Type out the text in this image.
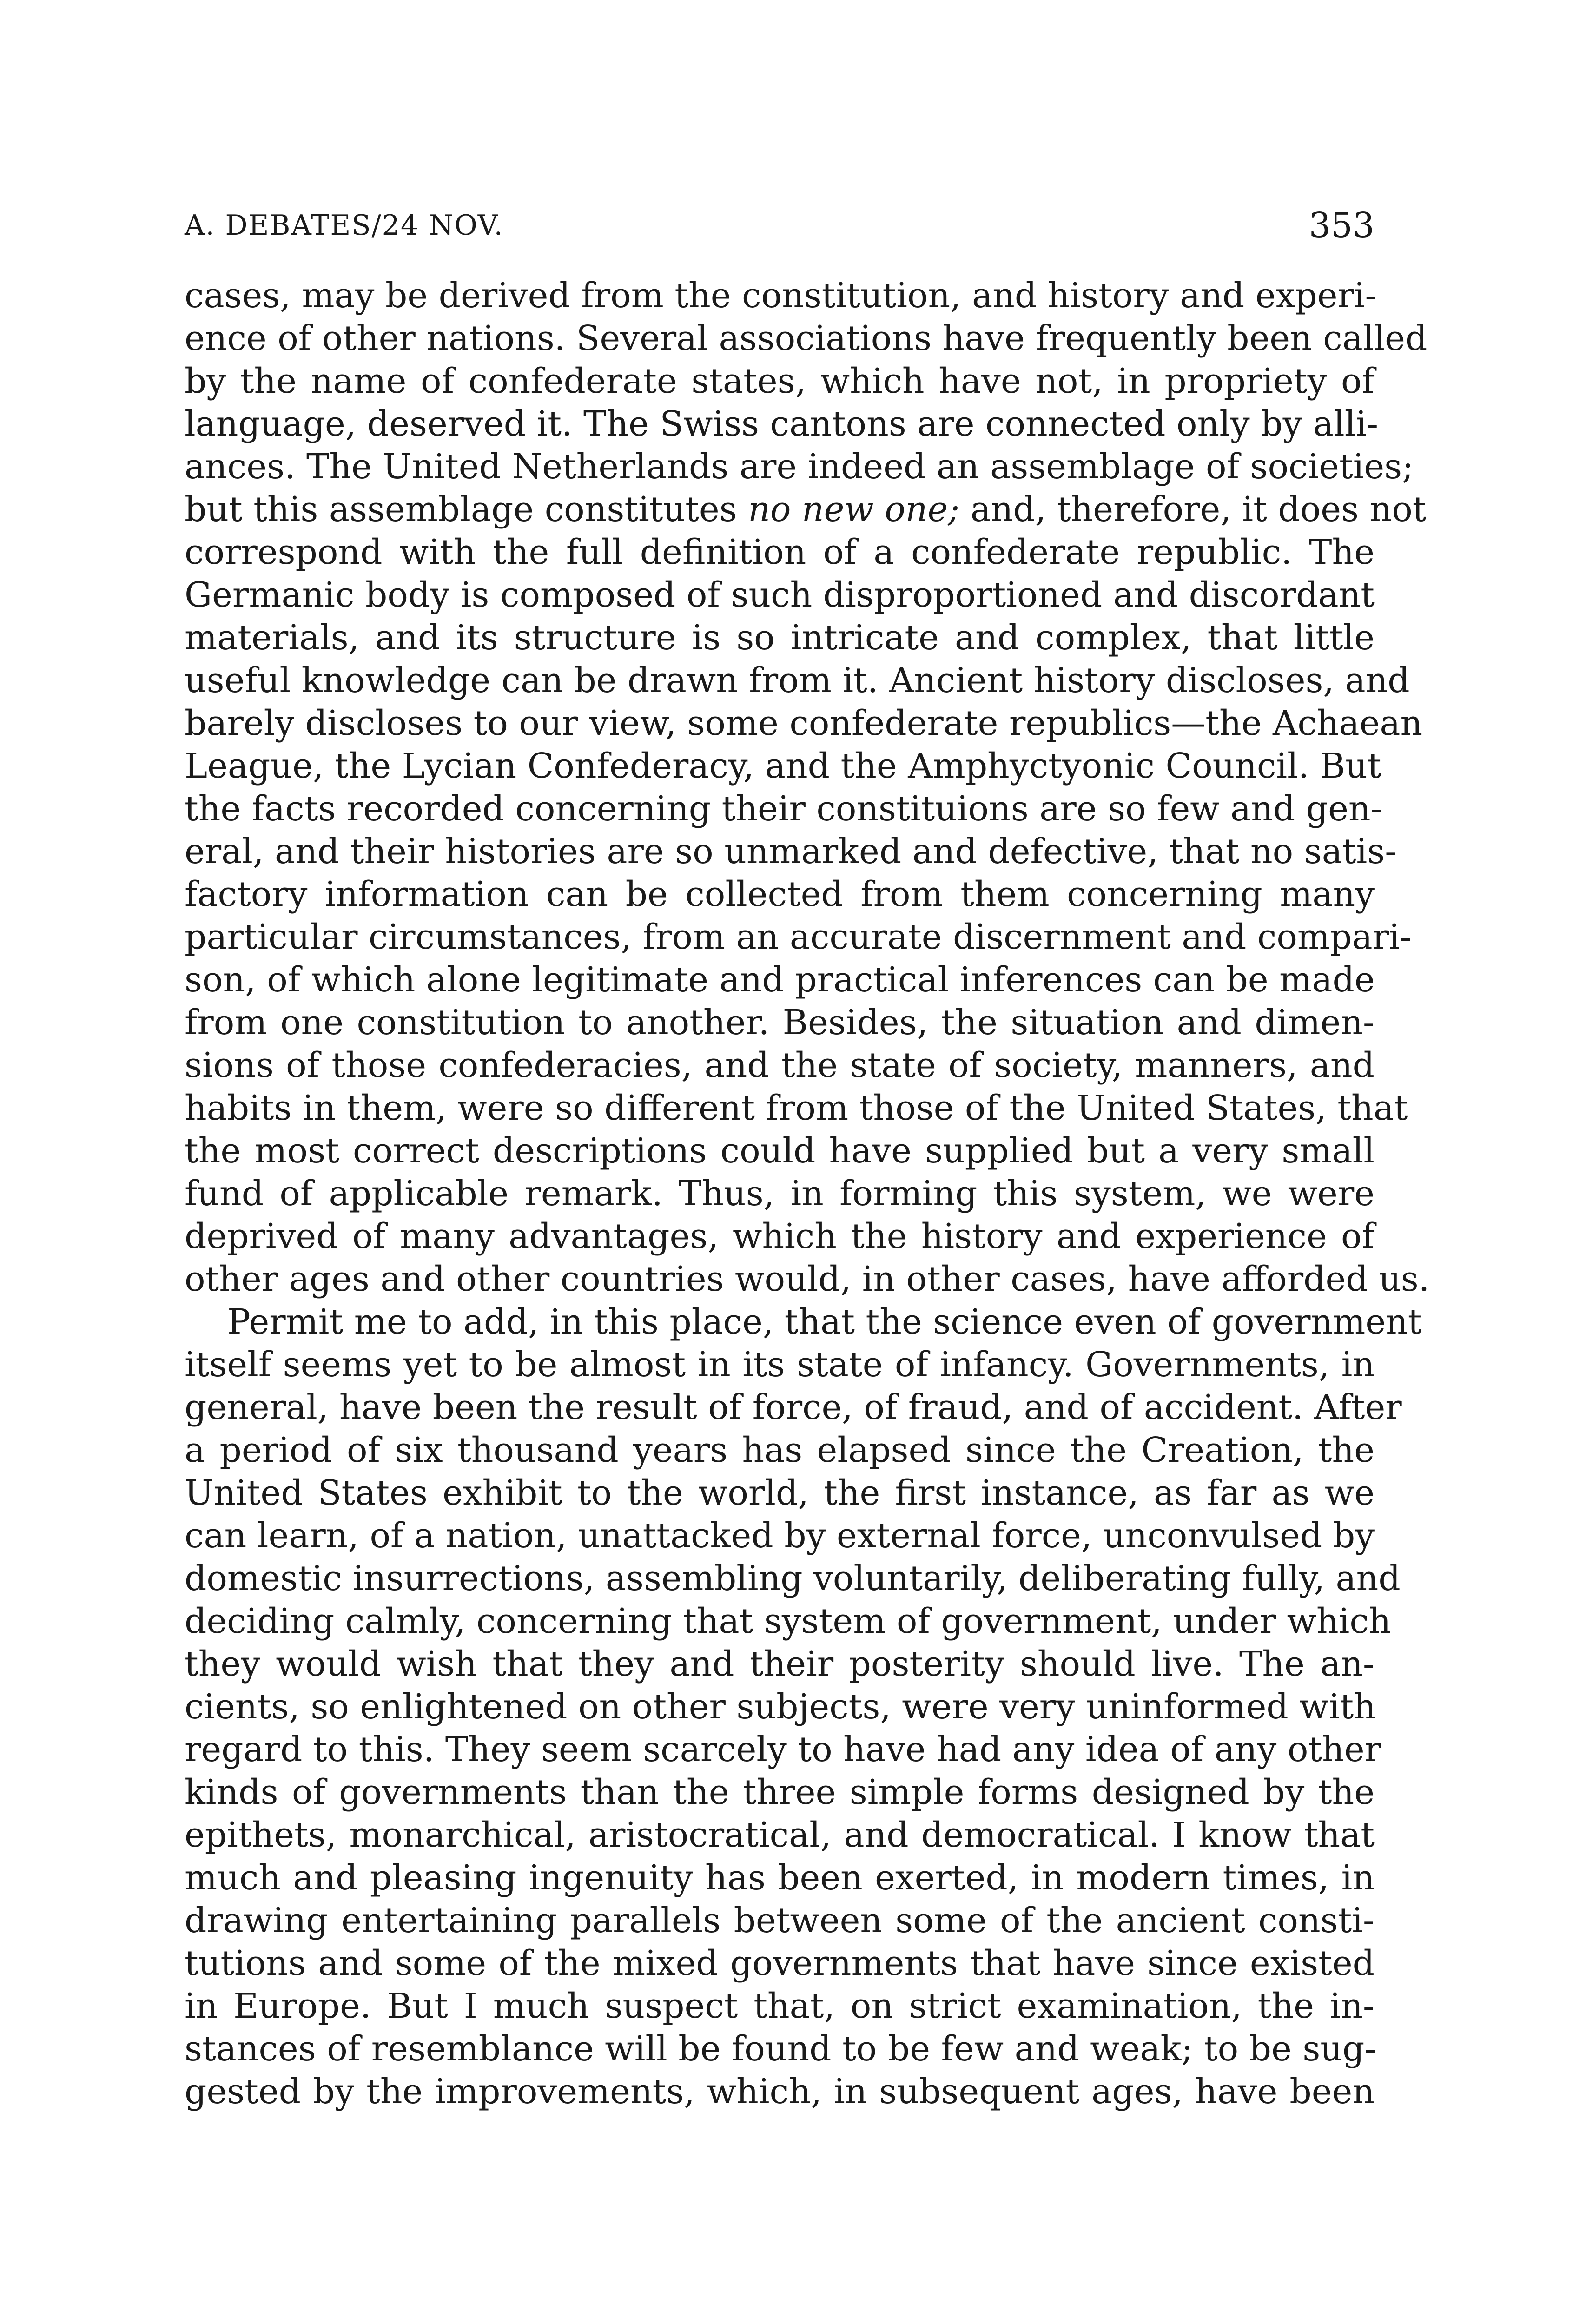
A. DEBATES/24 NOV.	353
cases, may be derived from the constitution, and history and experi-
ence of other nations. Several associations have frequently been called
by the name of confederate states, which have not, in propriety of
language, deserved it. The Swiss cantons are connected only by alli-
ances. The United Netherlands are indeed an assemblage of societies;
but this assemblage constitutes no new one; and, therefore, it does not
correspond with the full definition of a confederate republic. The
Germanic body is composed of such disproportioned and discordant
materials, and its structure is so intricate and complex, that little
useful knowledge can be drawn from it. Ancient history discloses, and
barely discloses to our view, some confederate republics—the Achaean
League, the Lycian Confederacy, and the Amphyctyonic Council. But
the facts recorded concerning their constituions are so few and gen-
eral, and their histories are so unmarked and defective, that no satis-
factory information can be collected from them concerning many
particular circumstances, from an accurate discernment and compari-
son, of which alone legitimate and practical inferences can be made
from one constitution to another. Besides, the situation and dimen-
sions of those confederacies, and the state of society, manners, and
habits in them, were so different from those of the United States, that
the most correct descriptions could have supplied but a very small
fund of applicable remark. Thus, in forming this system, we were
deprived of many advantages, which the history and experience of
other ages and other countries would, in other cases, have afforded us.
Permit me to add, in this place, that the science even of government
itself seems yet to be almost in its state of infancy. Governments, in
general, have been the result of force, of fraud, and of accident. After
a period of six thousand years has elapsed since the Creation, the
United States exhibit to the world, the first instance, as far as we
can learn, of a nation, unattacked by external force, unconvulsed by
domestic insurrections, assembling voluntarily, deliberating fully, and
deciding calmly, concerning that system of government, under which
they would wish that they and their posterity should live. The an-
cients, so enlightened on other subjects, were very uninformed with
regard to this. They seem scarcely to have had any idea of any other
kinds of governments than the three simple forms designed by the
epithets, monarchical, aristocratical, and democratical. I know that
much and pleasing ingenuity has been exerted, in modern times, in
drawing entertaining parallels between some of the ancient consti-
tutions and some of the mixed governments that have since existed
in Europe. But I much suspect that, on strict examination, the in-
stances of resemblance will be found to be few and weak; to be sug-
gested by the improvements, which, in subsequent ages, have been
